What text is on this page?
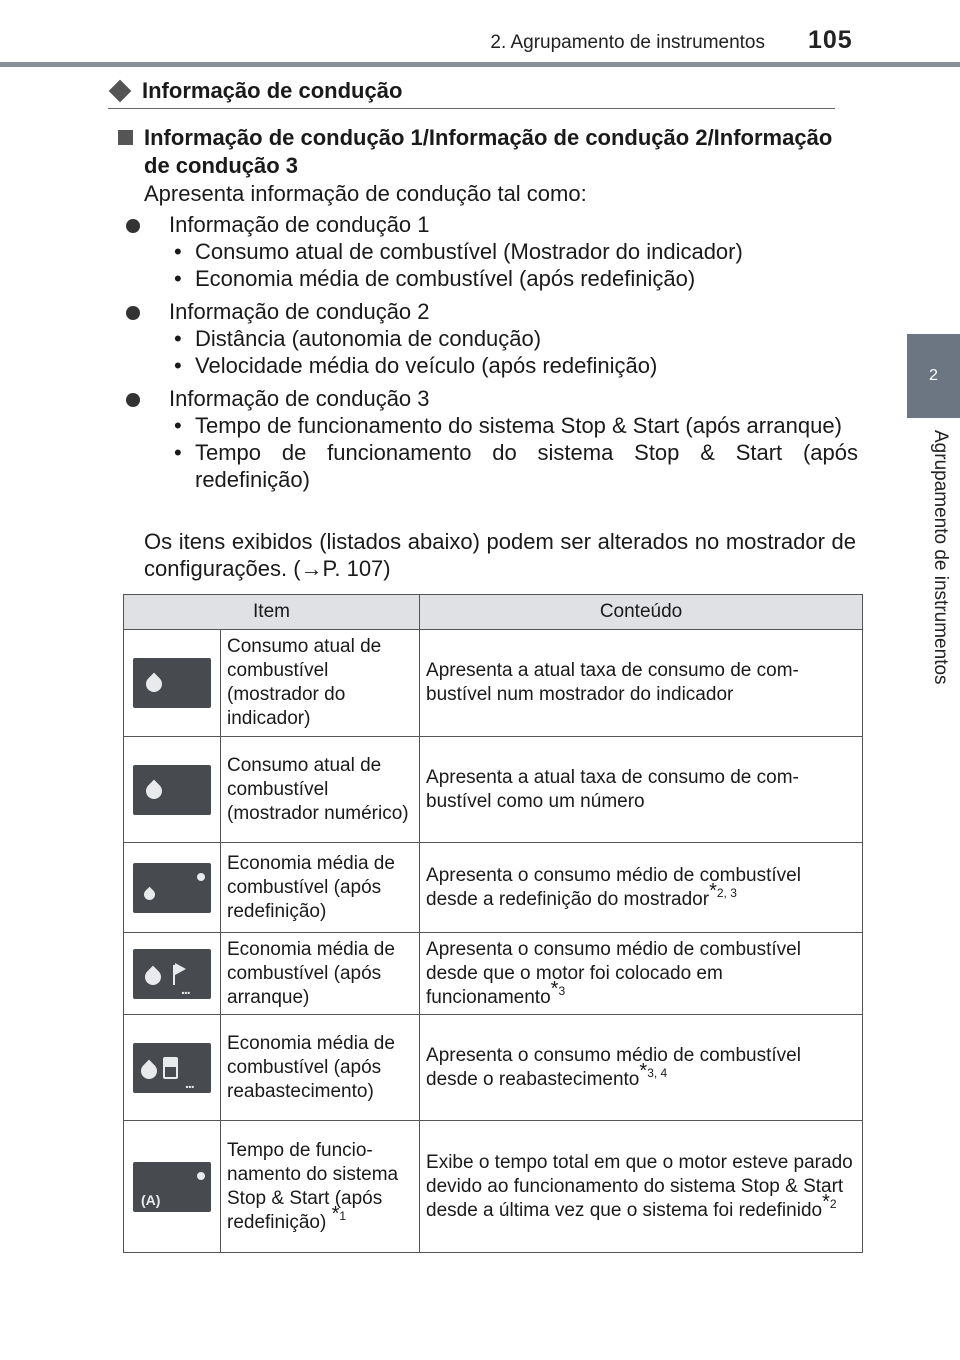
2. Agrupamento de instrumentos 105
2
Agrupamento de instrumentos
Informação de condução
Informação de condução 1/Informação de condução 2/Informação de condução 3
Apresenta informação de condução tal como:
Informação de condução 1
• Consumo atual de combustível (Mostrador do indicador)
• Economia média de combustível (após redefinição)
Informação de condução 2
• Distância (autonomia de condução)
• Velocidade média do veículo (após redefinição)
Informação de condução 3
• Tempo de funcionamento do sistema Stop & Start (após arranque)
• Tempo de funcionamento do sistema Stop & Start (após redefinição)
Os itens exibidos (listados abaixo) podem ser alterados no mostrador de configurações. (→P. 107)
Item		Conteúdo

	Consumo atual de combustível (mostrador do indicador)	Apresenta a atual taxa de consumo de combustível num mostrador do indicador

	Consumo atual de combustível (mostrador numérico)	Apresenta a atual taxa de consumo de combustível como um número

	Economia média de combustível (após redefinição)	Apresenta o consumo médio de combustível desde a redefinição do mostrador$^{*2, 3}$

...	Economia média de combustível (após arranque)	Apresenta o consumo médio de combustível desde que o motor foi colocado em funcionamento$^{*3}$

...	Economia média de combustível (após reabastecimento)	Apresenta o consumo médio de combustível desde o reabastecimento$^{*3, 4}$

(A)	Tempo de funcionamento do sistema Stop & Start (após redefinição) $^{*1}$	Exibe o tempo total em que o motor esteve parado devido ao funcionamento do sistema Stop & Start desde a última vez que o sistema foi redefinido$^{*2}$
